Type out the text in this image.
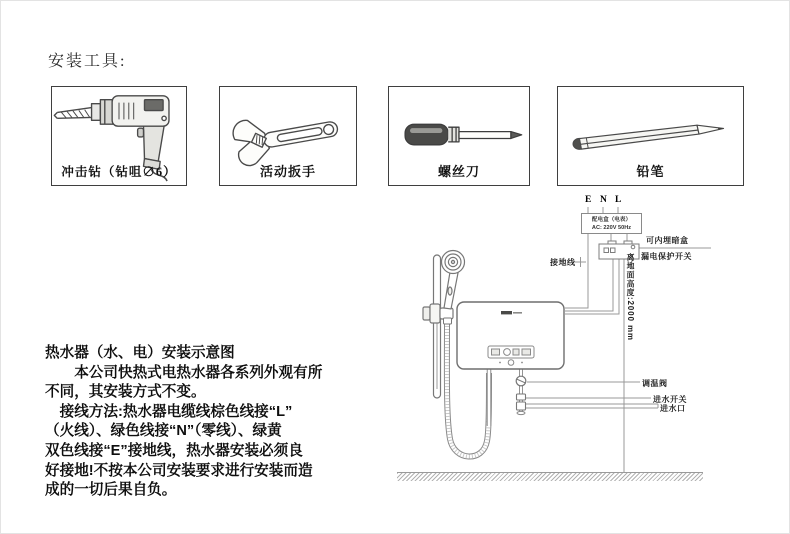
安装工具:
冲击钻（钻咀∅6）	活动扳手	螺丝刀	铅笔
热水器（水、电）安装示意图
　　本公司快热式电热水器各系列外观有所
不同，其安装方式不变。
　接线方法:热水器电缆线棕色线接“L”
（火线）、绿色线接“N”（零线）、绿黄
双色线接“E”接地线，热水器安装必须良
好接地!不按本公司安装要求进行安装而造
成的一切后果自负。
E N L
配电盒（电表）
AC: 220V 50Hz
接地线
可内埋暗盒
漏电保护开关
离地面高度:2000 mm
调温阀
进水开关
进水口
